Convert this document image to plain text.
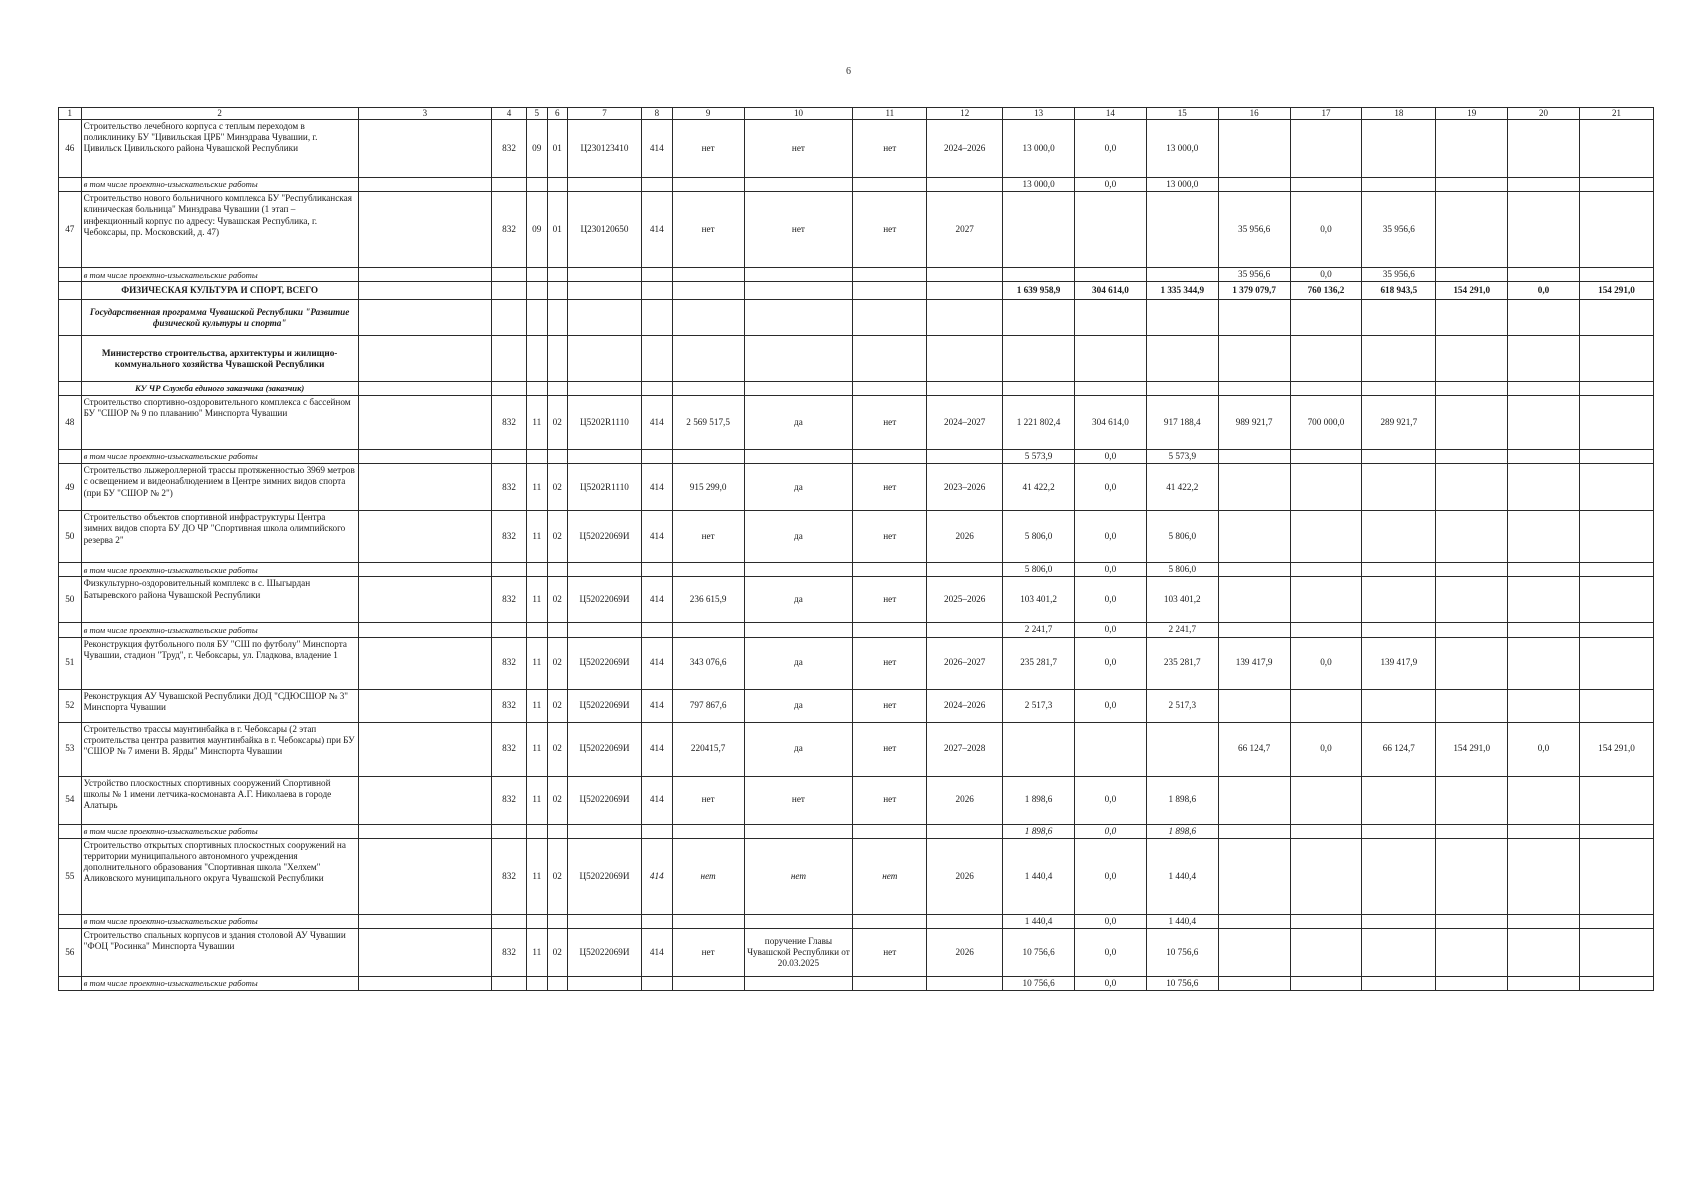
6
1	2	3	4	5	6	7	8	9	10	11	12	13	14	15	16	17	18	19	20	21
46	Строительство лечебного корпуса с теплым переходом в поликлинику БУ "Цивильская ЦРБ" Минздрава Чувашии, г. Цивильск Цивильского района Чувашской Республики		832	09	01	Ц230123410	414	нет	нет	нет	2024–2026	13 000,0	0,0	13 000,0						
	в том числе проектно-изыскательские работы											13 000,0	0,0	13 000,0						
47	Строительство нового больничного комплекса БУ "Республиканская клиническая больница" Минздрава Чувашии (1 этап – инфекционный корпус по адресу: Чувашская Республика, г. Чебоксары, пр. Московский, д. 47)		832	09	01	Ц230120650	414	нет	нет	нет	2027				35 956,6	0,0	35 956,6			
	в том числе проектно-изыскательские работы														35 956,6	0,0	35 956,6			
	ФИЗИЧЕСКАЯ КУЛЬТУРА И СПОРТ, ВСЕГО											1 639 958,9	304 614,0	1 335 344,9	1 379 079,7	760 136,2	618 943,5	154 291,0	0,0	154 291,0
	Государственная программа Чувашской Республики "Развитие физической культуры и спорта"																			
	Министерство строительства, архитектуры и жилищно-коммунального хозяйства Чувашской Республики																			
	КУ ЧР Служба единого заказчика (заказчик)																			
48	Строительство спортивно-оздоровительного комплекса с бассейном БУ "СШОР № 9 по плаванию" Минспорта Чувашии		832	11	02	Ц5202R1110	414	2 569 517,5	да	нет	2024–2027	1 221 802,4	304 614,0	917 188,4	989 921,7	700 000,0	289 921,7			
	в том числе проектно-изыскательские работы											5 573,9	0,0	5 573,9						
49	Строительство лыжероллерной трассы протяженностью 3969 метров с освещением и видеонаблюдением в Центре зимних видов спорта (при БУ "СШОР № 2")		832	11	02	Ц5202R1110	414	915 299,0	да	нет	2023–2026	41 422,2	0,0	41 422,2						
50	Строительство объектов спортивной инфраструктуры Центра зимних видов спорта БУ ДО ЧР "Спортивная школа олимпийского резерва 2"		832	11	02	Ц52022069И	414	нет	да	нет	2026	5 806,0	0,0	5 806,0						
	в том числе проектно-изыскательские работы											5 806,0	0,0	5 806,0						
50	Физкультурно-оздоровительный комплекс в с. Шыгырдан Батыревского района Чувашской Республики		832	11	02	Ц52022069И	414	236 615,9	да	нет	2025–2026	103 401,2	0,0	103 401,2						
	в том числе проектно-изыскательские работы											2 241,7	0,0	2 241,7						
51	Реконструкция футбольного поля БУ "СШ по футболу" Минспорта Чувашии, стадион "Труд", г. Чебоксары, ул. Гладкова, владение 1		832	11	02	Ц52022069И	414	343 076,6	да	нет	2026–2027	235 281,7	0,0	235 281,7	139 417,9	0,0	139 417,9			
52	Реконструкция АУ Чувашской Республики ДОД "СДЮСШОР № 3" Минспорта Чувашии		832	11	02	Ц52022069И	414	797 867,6	да	нет	2024–2026	2 517,3	0,0	2 517,3						
53	Строительство трассы маунтинбайка в г. Чебоксары (2 этап строительства центра развития маунтинбайка в г. Чебоксары) при БУ "СШОР № 7 имени В. Ярды" Минспорта Чувашии		832	11	02	Ц52022069И	414	220415,7	да	нет	2027–2028				66 124,7	0,0	66 124,7	154 291,0	0,0	154 291,0
54	Устройство плоскостных спортивных сооружений Спортивной школы № 1 имени летчика-космонавта А.Г. Николаева в городе Алатырь		832	11	02	Ц52022069И	414	нет	нет	нет	2026	1 898,6	0,0	1 898,6						
	в том числе проектно-изыскательские работы											1 898,6	0,0	1 898,6						
55	Строительство открытых спортивных плоскостных сооружений на территории муниципального автономного учреждения дополнительного образования "Спортивная школа "Хелхем" Аликовского муниципального округа Чувашской Республики		832	11	02	Ц52022069И	414	нет	нет	нет	2026	1 440,4	0,0	1 440,4						
	в том числе проектно-изыскательские работы											1 440,4	0,0	1 440,4						
56	Строительство спальных корпусов и здания столовой АУ Чувашии "ФОЦ "Росинка" Минспорта Чувашии		832	11	02	Ц52022069И	414	нет	поручение Главы Чувашской Республики от 20.03.2025	нет	2026	10 756,6	0,0	10 756,6						
	в том числе проектно-изыскательские работы											10 756,6	0,0	10 756,6						
